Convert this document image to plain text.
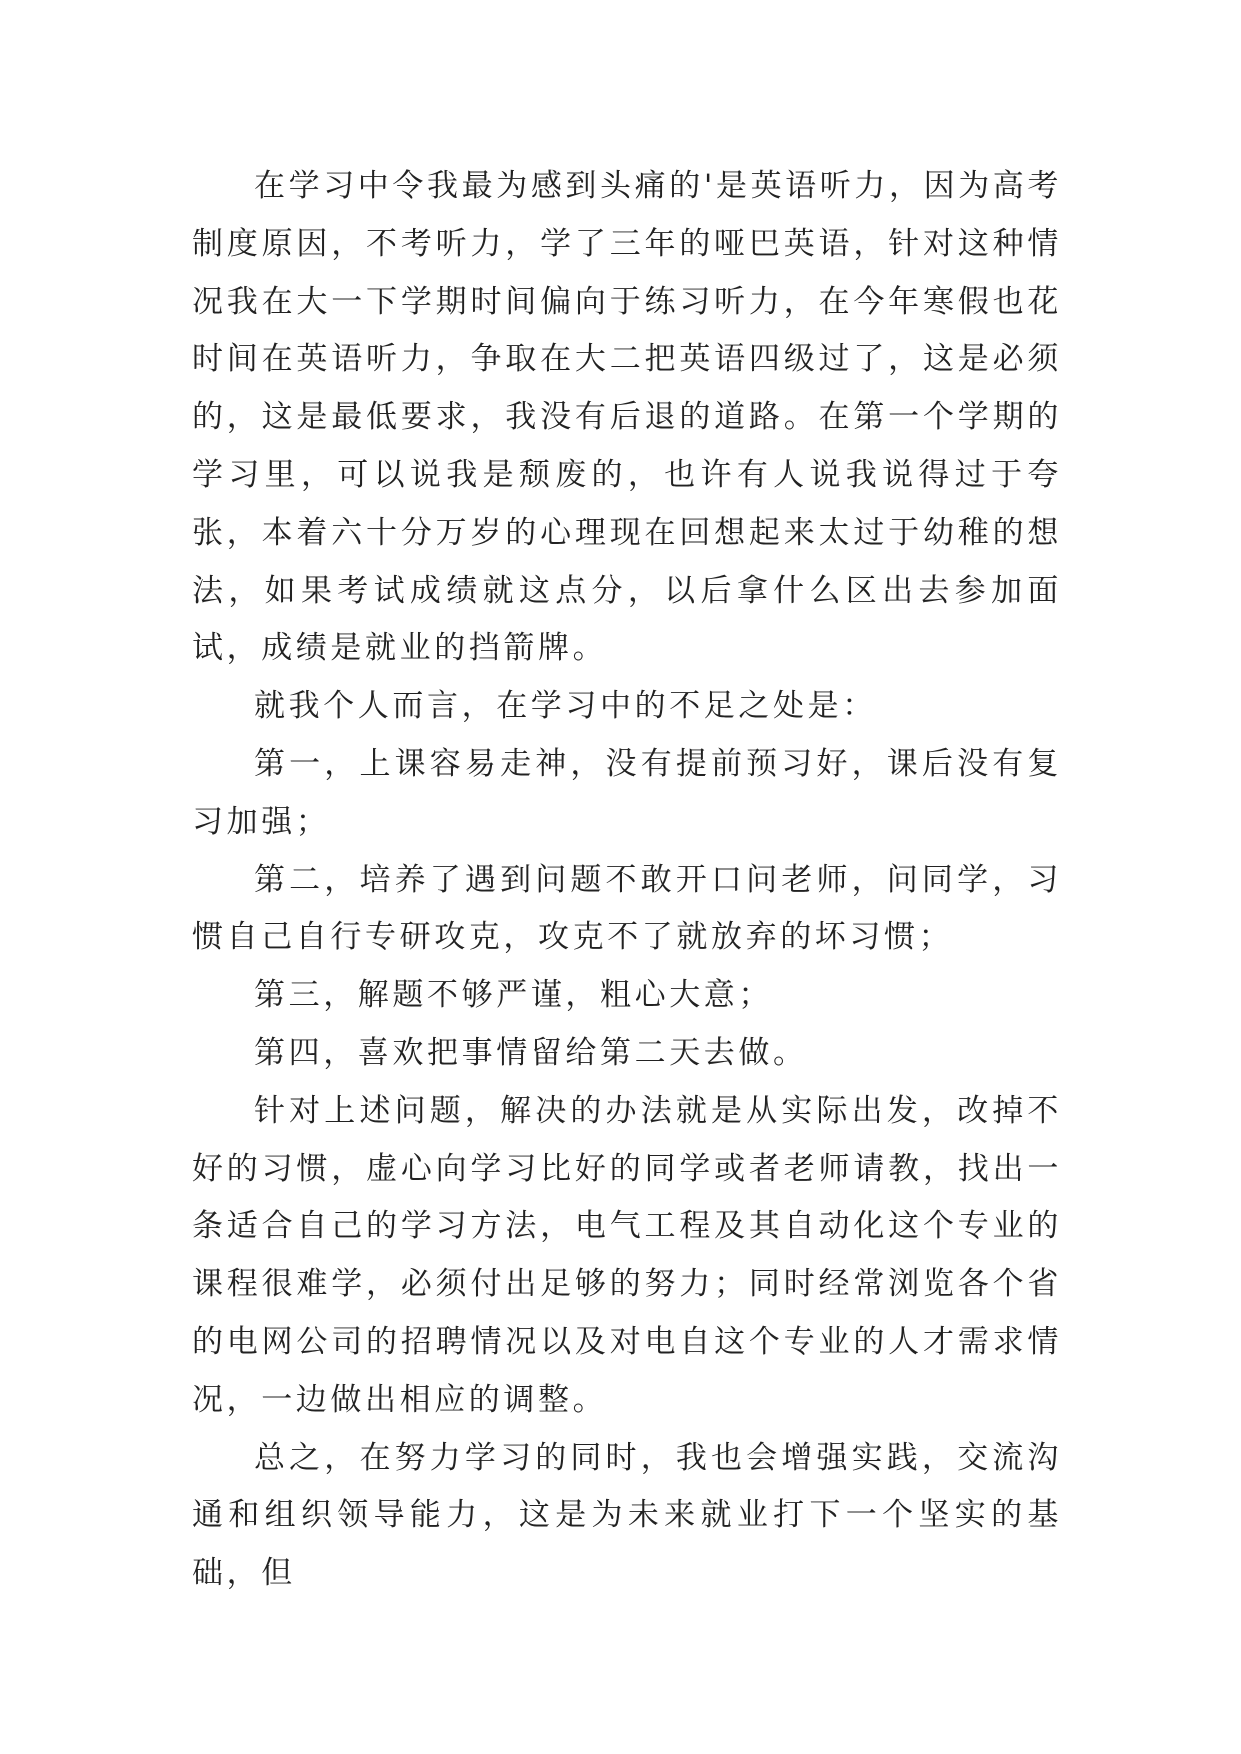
在学习中令我最为感到头痛的'是英语听力，因为高考制度原因，不考听力，学了三年的哑巴英语，针对这种情况我在大一下学期时间偏向于练习听力，在今年寒假也花时间在英语听力，争取在大二把英语四级过了，这是必须的，这是最低要求，我没有后退的道路。在第一个学期的学习里，可以说我是颓废的，也许有人说我说得过于夸张，本着六十分万岁的心理现在回想起来太过于幼稚的想法，如果考试成绩就这点分，以后拿什么区出去参加面试，成绩是就业的挡箭牌。

就我个人而言，在学习中的不足之处是：

第一，上课容易走神，没有提前预习好，课后没有复习加强；

第二，培养了遇到问题不敢开口问老师，问同学，习惯自己自行专研攻克，攻克不了就放弃的坏习惯；

第三，解题不够严谨，粗心大意；

第四，喜欢把事情留给第二天去做。

针对上述问题，解决的办法就是从实际出发，改掉不好的习惯，虚心向学习比好的同学或者老师请教，找出一条适合自己的学习方法，电气工程及其自动化这个专业的课程很难学，必须付出足够的努力；同时经常浏览各个省的电网公司的招聘情况以及对电自这个专业的人才需求情况，一边做出相应的调整。

总之，在努力学习的同时，我也会增强实践，交流沟通和组织领导能力，这是为未来就业打下一个坚实的基础，但
